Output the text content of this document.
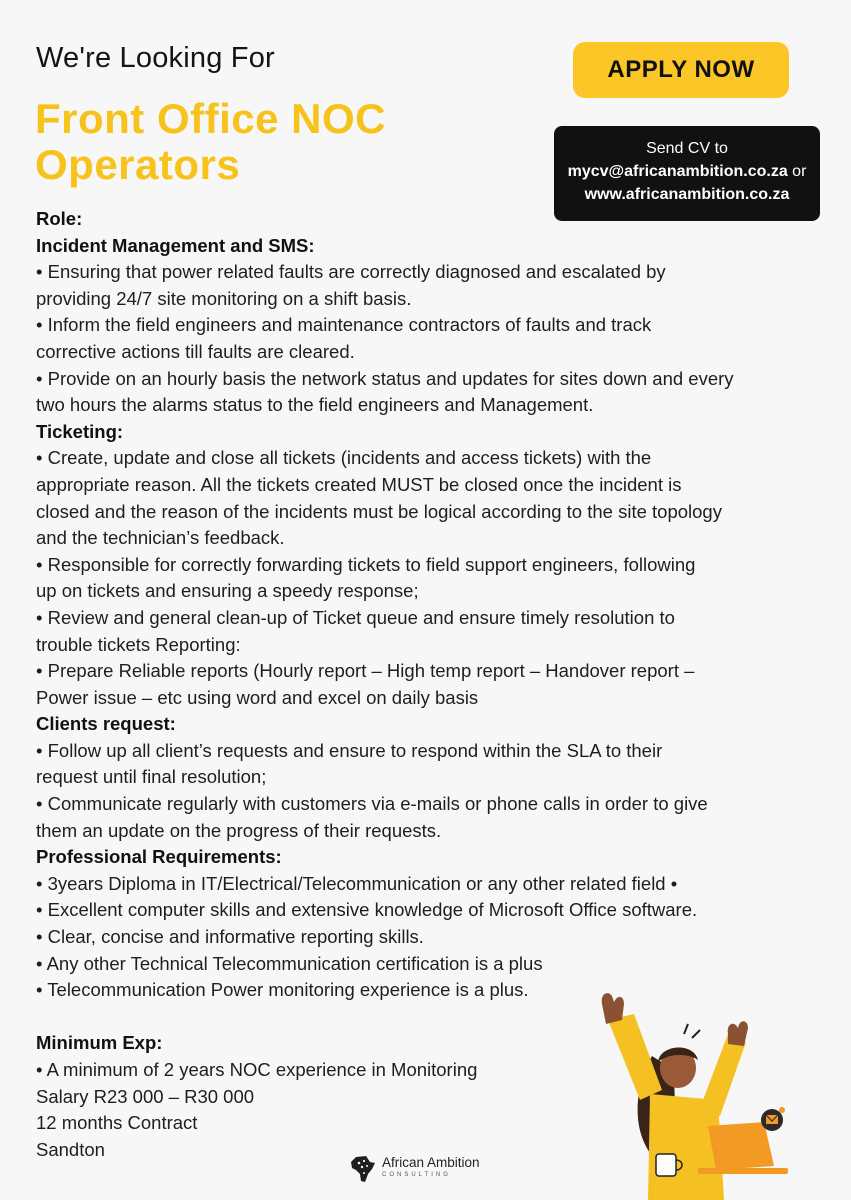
We're Looking For
Front Office NOC
Operators
APPLY NOW
Send CV to
mycv@africanambition.co.za or
www.africanambition.co.za
Role:
Incident Management and SMS:
• Ensuring that power related faults are correctly diagnosed and escalated by
providing 24/7 site monitoring on a shift basis.
• Inform the field engineers and maintenance contractors of faults and track
corrective actions till faults are cleared.
• Provide on an hourly basis the network status and updates for sites down and every
two hours the alarms status to the field engineers and Management.
Ticketing:
• Create, update and close all tickets (incidents and access tickets) with the
appropriate reason. All the tickets created MUST be closed once the incident is
closed and the reason of the incidents must be logical according to the site topology
and the technician’s feedback.
• Responsible for correctly forwarding tickets to field support engineers, following
up on tickets and ensuring a speedy response;
• Review and general clean-up of Ticket queue and ensure timely resolution to
trouble tickets Reporting:
• Prepare Reliable reports (Hourly report – High temp report – Handover report –
Power issue – etc using word and excel on daily basis
Clients request:
• Follow up all client’s requests and ensure to respond within the SLA to their
request until final resolution;
• Communicate regularly with customers via e-mails or phone calls in order to give
them an update on the progress of their requests.
Professional Requirements:
• 3years Diploma in IT/Electrical/Telecommunication or any other related field •
• Excellent computer skills and extensive knowledge of Microsoft Office software.
• Clear, concise and informative reporting skills.
• Any other Technical Telecommunication certification is a plus
• Telecommunication Power monitoring experience is a plus.
Minimum Exp:
• A minimum of 2 years NOC experience in Monitoring
Salary R23 000 – R30 000
12 months Contract
Sandton
African Ambition
CONSULTING
